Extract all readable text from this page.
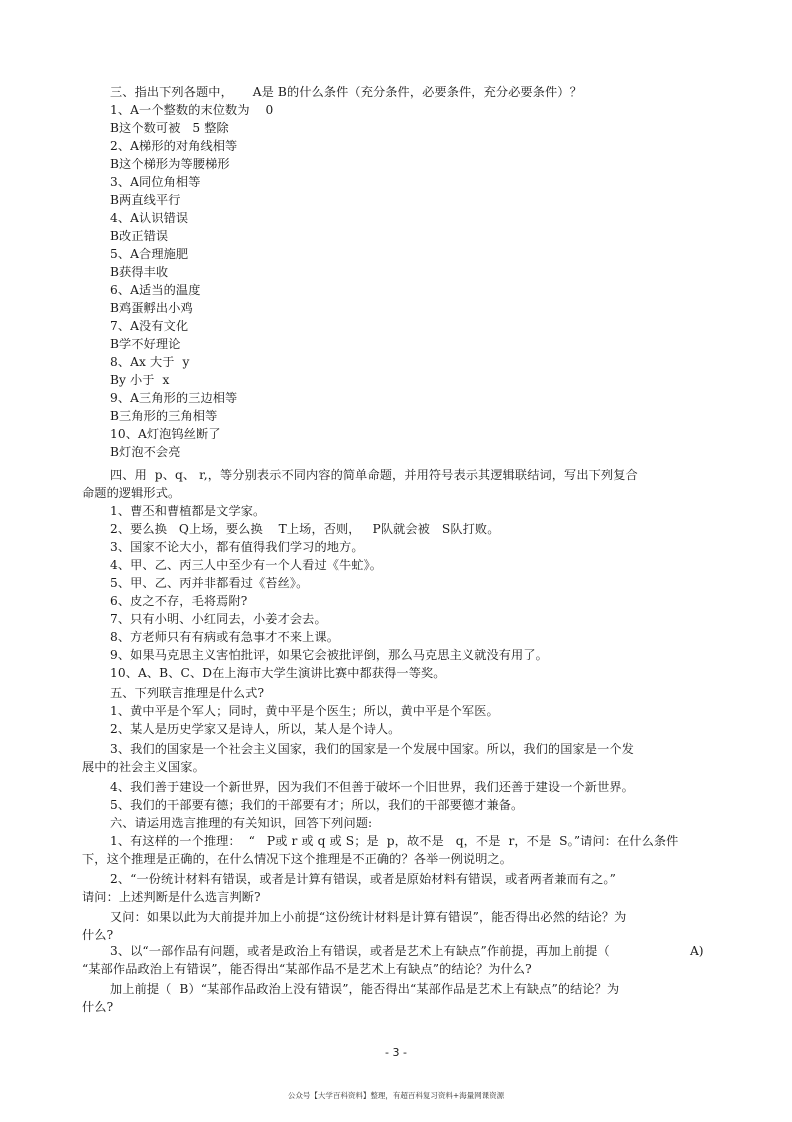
三、指出下列各题中，     A是 B的什么条件（充分条件，必要条件，充分必要条件）？
1、A一个整数的末位数为    0
B这个数可被   5 整除
2、A梯形的对角线相等
B这个梯形为等腰梯形
3、A同位角相等
B两直线平行
4、A认识错误
B改正错误
5、A合理施肥
B获得丰收
6、A适当的温度
B鸡蛋孵出小鸡
7、A没有文化
B学不好理论
8、Ax 大于  y
By 小于  x
9、A三角形的三边相等
B三角形的三角相等
10、A灯泡钨丝断了
B灯泡不会亮
四、用  p、q、 r,，等分别表示不同内容的简单命题，并用符号表示其逻辑联结词，写出下列复合
命题的逻辑形式。
1、曹丕和曹植都是文学家。
2、要么换   Q上场，要么换    T上场，否则，   P队就会被   S队打败。
3、国家不论大小，都有值得我们学习的地方。
4、甲、乙、丙三人中至少有一个人看过《牛虻》。
5、甲、乙、丙并非都看过《苔丝》。
6、皮之不存，毛将焉附?
7、只有小明、小红同去，小姜才会去。
8、方老师只有有病或有急事才不来上课。
9、如果马克思主义害怕批评，如果它会被批评倒，那么马克思主义就没有用了。
10、A、B、C、D在上海市大学生演讲比赛中都获得一等奖。
五、下列联言推理是什么式?
1、黄中平是个军人；同时，黄中平是个医生；所以，黄中平是个军医。
2、某人是历史学家又是诗人，所以，某人是个诗人。
3、我们的国家是一个社会主义国家，我们的国家是一个发展中国家。所以，我们的国家是一个发
展中的社会主义国家。
4、我们善于建设一个新世界，因为我们不但善于破坏一个旧世界，我们还善于建设一个新世界。
5、我们的干部要有德；我们的干部要有才；所以，我们的干部要德才兼备。
六、请运用选言推理的有关知识，回答下列问题:
1、有这样的一个推理：  “   P或 r 或 q 或 S；是  p，故不是   q，不是  r，不是  S。”请问：在什么条件
下，这个推理是正确的，在什么情况下这个推理是不正确的？各举一例说明之。
2、“一份统计材料有错误，或者是计算有错误，或者是原始材料有错误，或者两者兼而有之。”
请问：上述判断是什么选言判断?
又问：如果以此为大前提并加上小前提“这份统计材料是计算有错误”，能否得出必然的结论？为
什么?
3、以“一部作品有问题，或者是政治上有错误，或者是艺术上有缺点”作前提，再加上前提（	A)
“某部作品政治上有错误”，能否得出“某部作品不是艺术上有缺点”的结论？为什么?
加上前提（  B）“某部作品政治上没有错误”，能否得出“某部作品是艺术上有缺点”的结论？为
什么?
- 3 -
公众号【大学百科资料】整理，有超百科复习资料+海量网课资源
